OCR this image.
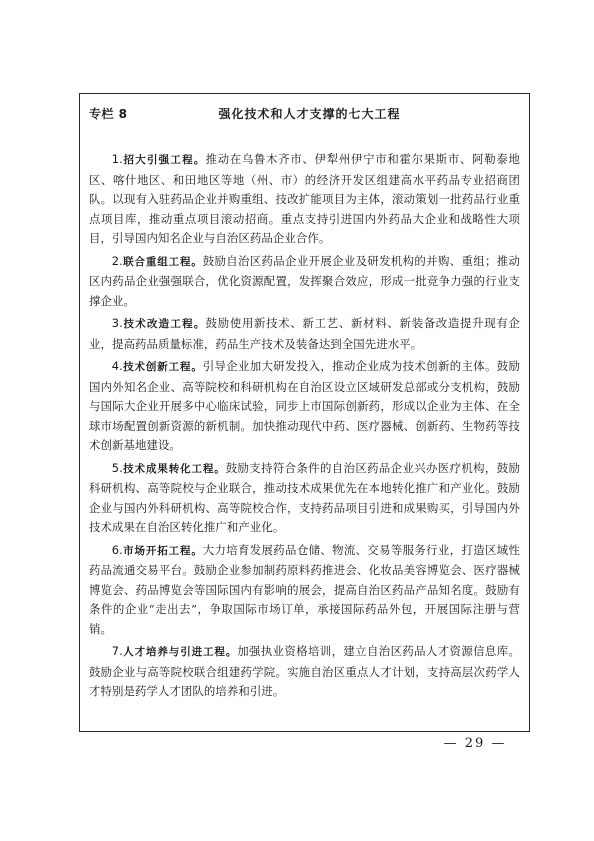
专栏 8	强化技术和人才支撑的七大工程

1.招大引强工程。推动在乌鲁木齐市、伊犁州伊宁市和霍尔果斯市、阿勒泰地区、喀什地区、和田地区等地（州、市）的经济开发区组建高水平药品专业招商团队。以现有入驻药品企业并购重组、技改扩能项目为主体，滚动策划一批药品行业重点项目库，推动重点项目滚动招商。重点支持引进国内外药品大企业和战略性大项目，引导国内知名企业与自治区药品企业合作。

2.联合重组工程。鼓励自治区药品企业开展企业及研发机构的并购、重组；推动区内药品企业强强联合，优化资源配置，发挥聚合效应，形成一批竞争力强的行业支撑企业。

3.技术改造工程。鼓励使用新技术、新工艺、新材料、新装备改造提升现有企业，提高药品质量标准，药品生产技术及装备达到全国先进水平。

4.技术创新工程。引导企业加大研发投入，推动企业成为技术创新的主体。鼓励国内外知名企业、高等院校和科研机构在自治区设立区域研发总部或分支机构，鼓励与国际大企业开展多中心临床试验，同步上市国际创新药，形成以企业为主体、在全球市场配置创新资源的新机制。加快推动现代中药、医疗器械、创新药、生物药等技术创新基地建设。

5.技术成果转化工程。鼓励支持符合条件的自治区药品企业兴办医疗机构，鼓励科研机构、高等院校与企业联合，推动技术成果优先在本地转化推广和产业化。鼓励企业与国内外科研机构、高等院校合作，支持药品项目引进和成果购买，引导国内外技术成果在自治区转化推广和产业化。

6.市场开拓工程。大力培育发展药品仓储、物流、交易等服务行业，打造区域性药品流通交易平台。鼓励企业参加制药原料药推进会、化妆品美容博览会、医疗器械博览会、药品博览会等国际国内有影响的展会，提高自治区药品产品知名度。鼓励有条件的企业“走出去”，争取国际市场订单，承接国际药品外包，开展国际注册与营销。

7.人才培养与引进工程。加强执业资格培训，建立自治区药品人才资源信息库。鼓励企业与高等院校联合组建药学院。实施自治区重点人才计划，支持高层次药学人才特别是药学人才团队的培养和引进。

— 29 —
